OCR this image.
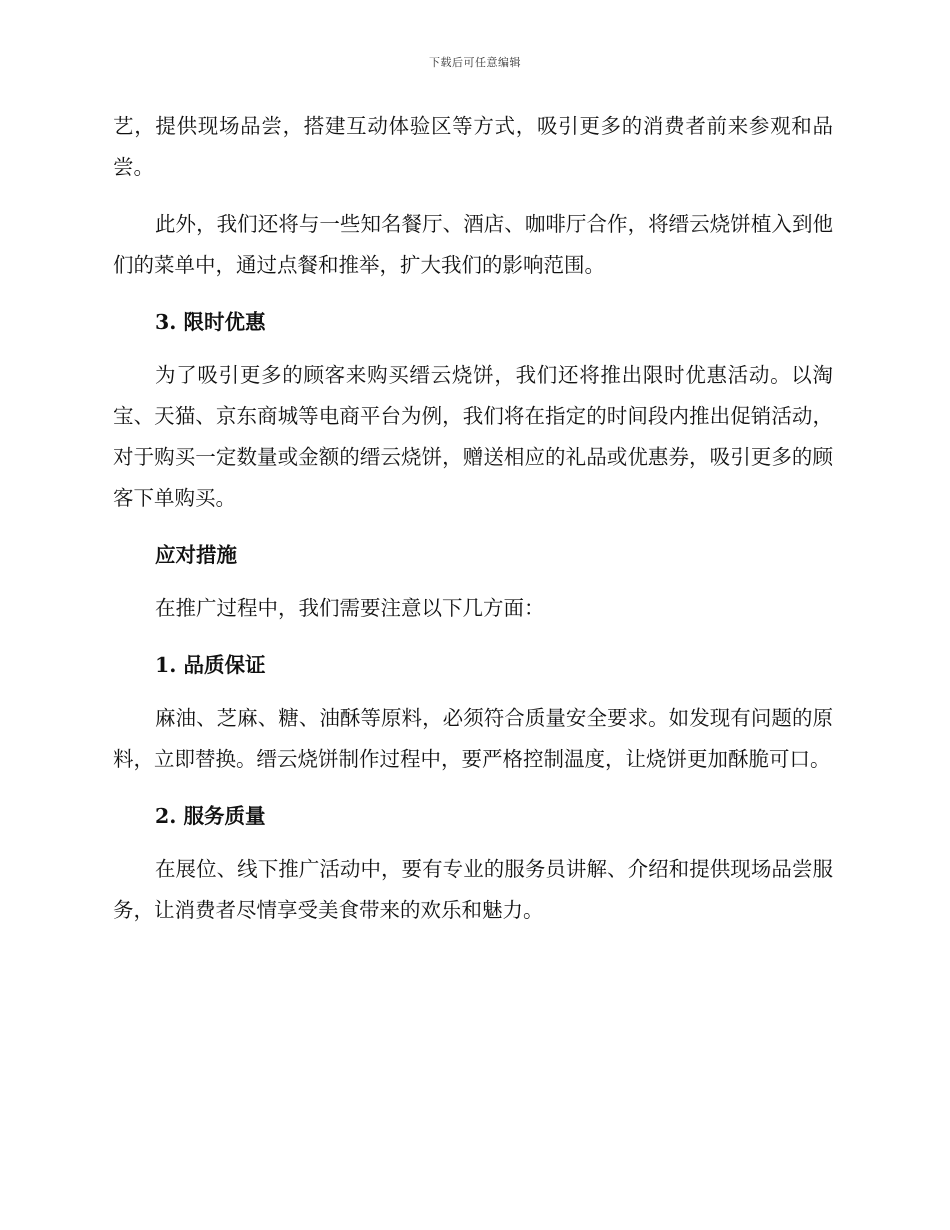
下载后可任意编辑

艺，提供现场品尝，搭建互动体验区等方式，吸引更多的消费者前来参观和品尝。

此外，我们还将与一些知名餐厅、酒店、咖啡厅合作，将缙云烧饼植入到他们的菜单中，通过点餐和推举，扩大我们的影响范围。

3. 限时优惠

为了吸引更多的顾客来购买缙云烧饼，我们还将推出限时优惠活动。以淘宝、天猫、京东商城等电商平台为例，我们将在指定的时间段内推出促销活动，对于购买一定数量或金额的缙云烧饼，赠送相应的礼品或优惠券，吸引更多的顾客下单购买。

应对措施

在推广过程中，我们需要注意以下几方面：

1. 品质保证

麻油、芝麻、糖、油酥等原料，必须符合质量安全要求。如发现有问题的原料，立即替换。缙云烧饼制作过程中，要严格控制温度，让烧饼更加酥脆可口。

2. 服务质量

在展位、线下推广活动中，要有专业的服务员讲解、介绍和提供现场品尝服务，让消费者尽情享受美食带来的欢乐和魅力。
